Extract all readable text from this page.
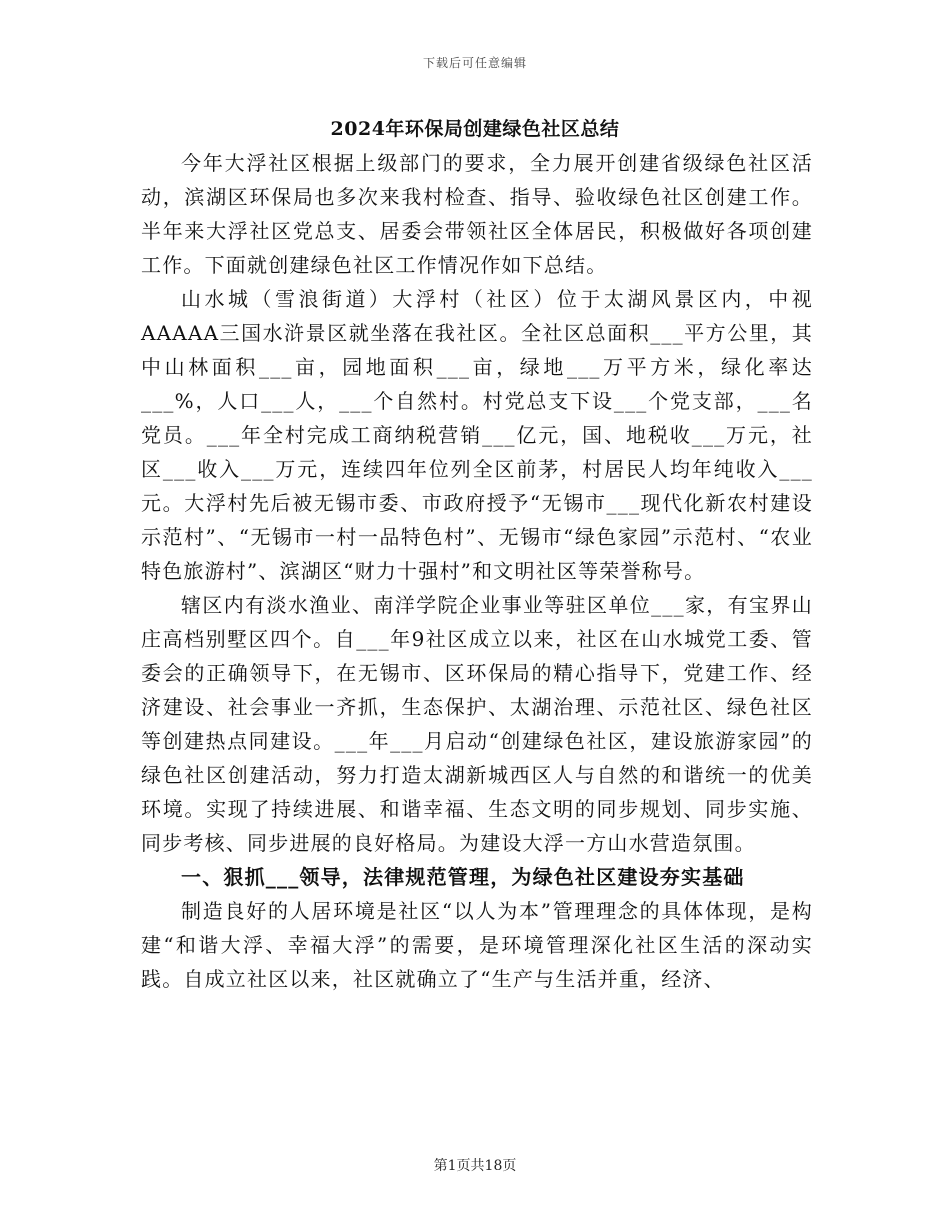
下载后可任意编辑
2024年环保局创建绿色社区总结

今年大浮社区根据上级部门的要求，全力展开创建省级绿色社区活动，滨湖区环保局也多次来我村检查、指导、验收绿色社区创建工作。半年来大浮社区党总支、居委会带领社区全体居民，积极做好各项创建工作。下面就创建绿色社区工作情况作如下总结。

山水城（雪浪街道）大浮村（社区）位于太湖风景区内，中视AAAAA三国水浒景区就坐落在我社区。全社区总面积___平方公里，其中山林面积___亩，园地面积___亩，绿地___万平方米，绿化率达___%，人口___人，___个自然村。村党总支下设___个党支部，___名党员。___年全村完成工商纳税营销___亿元，国、地税收___万元，社区___收入___万元，连续四年位列全区前茅，村居民人均年纯收入___元。大浮村先后被无锡市委、市政府授予“无锡市___现代化新农村建设示范村”、“无锡市一村一品特色村”、无锡市“绿色家园”示范村、“农业特色旅游村”、滨湖区“财力十强村”和文明社区等荣誉称号。

辖区内有淡水渔业、南洋学院企业事业等驻区单位___家，有宝界山庄高档别墅区四个。自___年9社区成立以来，社区在山水城党工委、管委会的正确领导下，在无锡市、区环保局的精心指导下，党建工作、经济建设、社会事业一齐抓，生态保护、太湖治理、示范社区、绿色社区等创建热点同建设。___年___月启动“创建绿色社区，建设旅游家园”的绿色社区创建活动，努力打造太湖新城西区人与自然的和谐统一的优美环境。实现了持续进展、和谐幸福、生态文明的同步规划、同步实施、同步考核、同步进展的良好格局。为建设大浮一方山水营造氛围。

一、狠抓___领导，法律规范管理，为绿色社区建设夯实基础

制造良好的人居环境是社区“以人为本”管理理念的具体体现，是构建“和谐大浮、幸福大浮”的需要，是环境管理深化社区生活的深动实践。自成立社区以来，社区就确立了“生产与生活并重，经济、

第1页共18页
